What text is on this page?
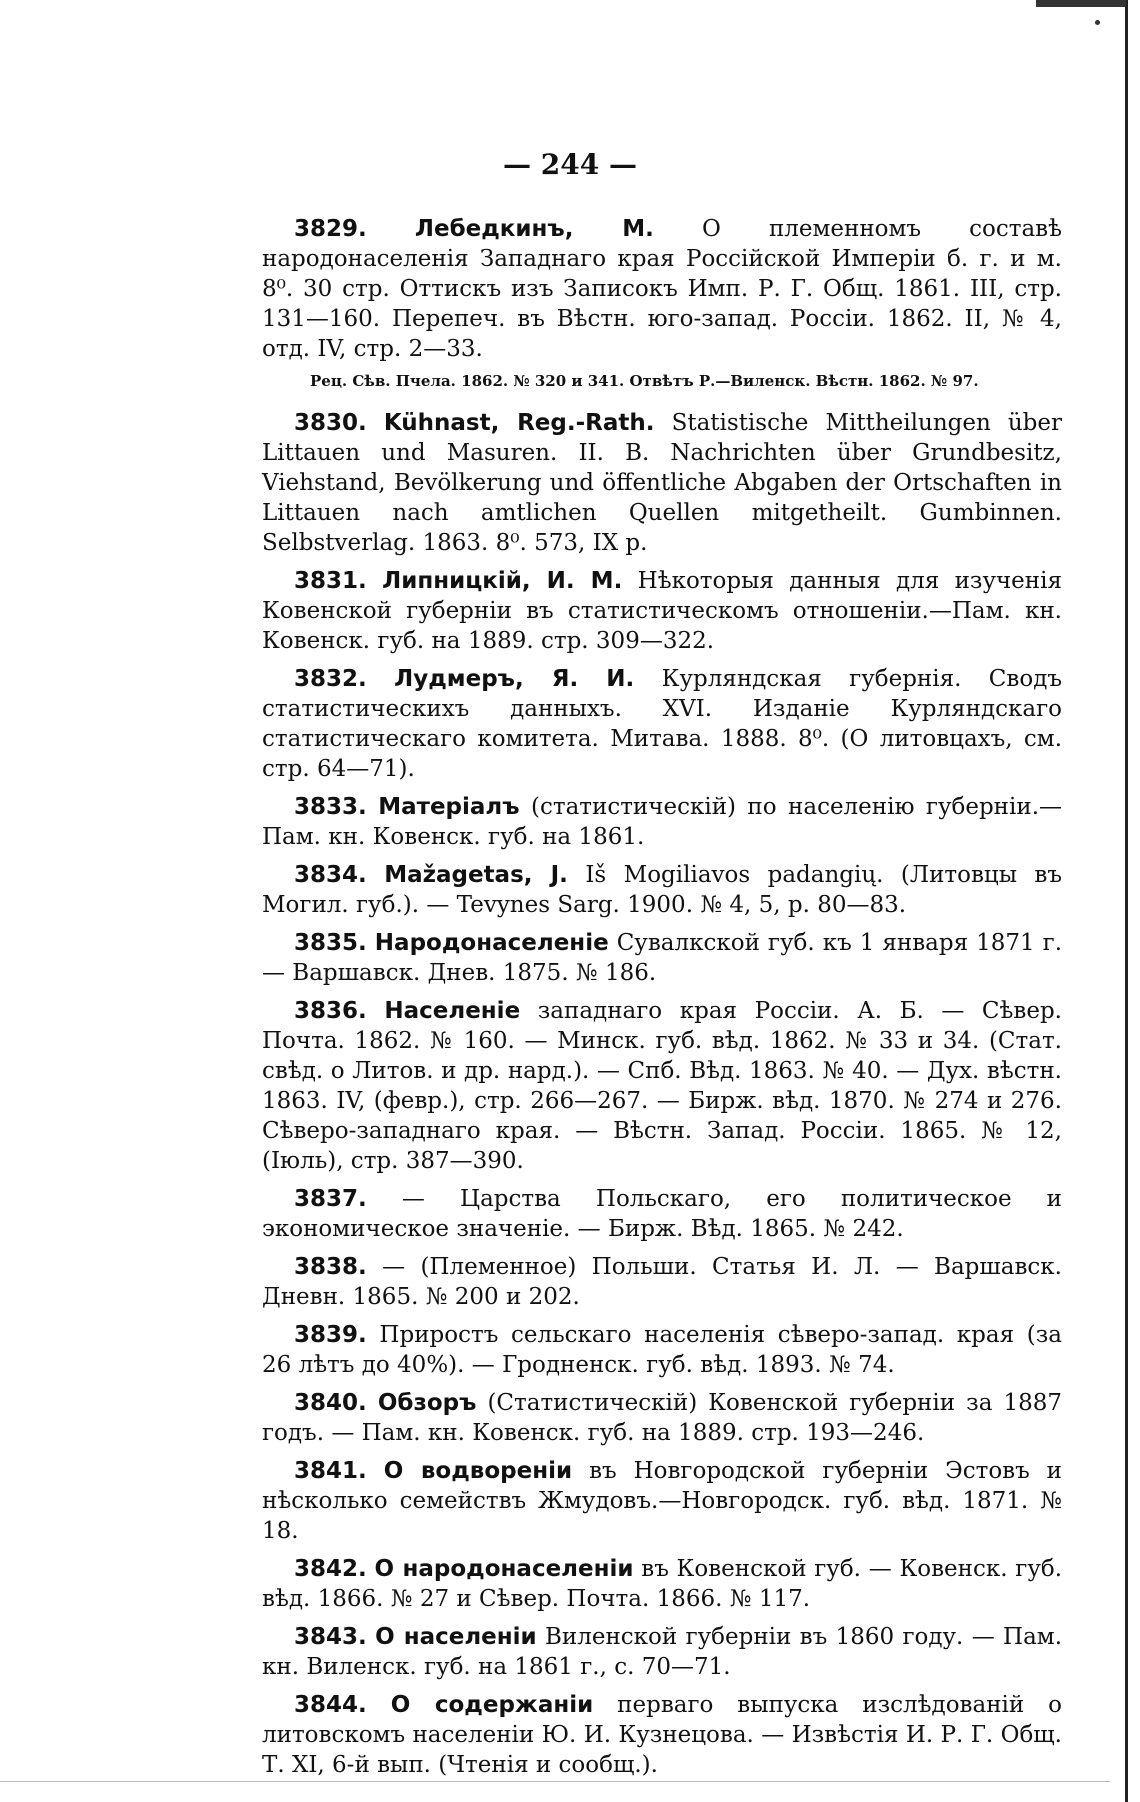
— 244 —

3829. Лебедкинъ, М. О племенномъ составѣ народонаселенія Западнаго края Россійской Имперіи б. г. и м. 8⁰. 30 стр. Оттискъ изъ Записокъ Имп. Р. Г. Общ. 1861. III, стр. 131—160. Перепеч. въ Вѣстн. юго-запад. Россіи. 1862. II, № 4, отд. IV, стр. 2—33.

Рец. Сѣв. Пчела. 1862. № 320 и 341. Отвѣтъ Р.—Виленск. Вѣстн. 1862. № 97.

3830. Kühnast, Reg.-Rath. Statistische Mittheilungen über Littauen und Masuren. II. B. Nachrichten über Grundbesitz, Viehstand, Bevölkerung und öffentliche Abgaben der Ortschaften in Littauen nach amtlichen Quellen mitgetheilt. Gumbinnen. Selbstverlag. 1863. 8⁰. 573, IX p.

3831. Липницкій, И. М. Нѣкоторыя данныя для изученія Ковенской губерніи въ статистическомъ отношеніи.—Пам. кн. Ковенск. губ. на 1889. стр. 309—322.

3832. Лудмеръ, Я. И. Курляндская губернія. Сводъ статистическихъ данныхъ. XVI. Изданіе Курляндскаго статистическаго комитета. Митава. 1888. 8⁰. (О литовцахъ, см. стр. 64—71).

3833. Матеріалъ (статистическій) по населенію губерніи.— Пам. кн. Ковенск. губ. на 1861.

3834. Mažagetas, J. Iš Mogiliavos padangių. (Литовцы въ Могил. губ.). — Tevynes Sarg. 1900. № 4, 5, p. 80—83.

3835. Народонаселеніе Сувалкской губ. къ 1 января 1871 г. — Варшавск. Днев. 1875. № 186.

3836. Населеніе западнаго края Россіи. А. Б. — Сѣвер. Почта. 1862. № 160. — Минск. губ. вѣд. 1862. № 33 и 34. (Стат. свѣд. о Литов. и др. нард.). — Спб. Вѣд. 1863. № 40. — Дух. вѣстн. 1863. IV, (февр.), стр. 266—267. — Бирж. вѣд. 1870. № 274 и 276. Сѣверо-западнаго края. — Вѣстн. Запад. Россіи. 1865. № 12, (Іюль), стр. 387—390.

3837. — Царства Польскаго, его политическое и экономическое значеніе. — Бирж. Вѣд. 1865. № 242.

3838. — (Племенное) Польши. Статья И. Л. — Варшавск. Дневн. 1865. № 200 и 202.

3839. Приростъ сельскаго населенія сѣверо-запад. края (за 26 лѣтъ до 40%). — Гродненск. губ. вѣд. 1893. № 74.

3840. Обзоръ (Статистическій) Ковенской губерніи за 1887 годъ. — Пам. кн. Ковенск. губ. на 1889. стр. 193—246.

3841. О водвореніи въ Новгородской губерніи Эстовъ и нѣсколько семействъ Жмудовъ.—Новгородск. губ. вѣд. 1871. № 18.

3842. О народонаселеніи въ Ковенской губ. — Ковенск. губ. вѣд. 1866. № 27 и Сѣвер. Почта. 1866. № 117.

3843. О населеніи Виленской губерніи въ 1860 году. — Пам. кн. Виленск. губ. на 1861 г., с. 70—71.

3844. О содержаніи перваго выпуска изслѣдованій о литовскомъ населеніи Ю. И. Кузнецова. — Извѣстія И. Р. Г. Общ. Т. XI, 6-й вып. (Чтенія и сообщ.).
